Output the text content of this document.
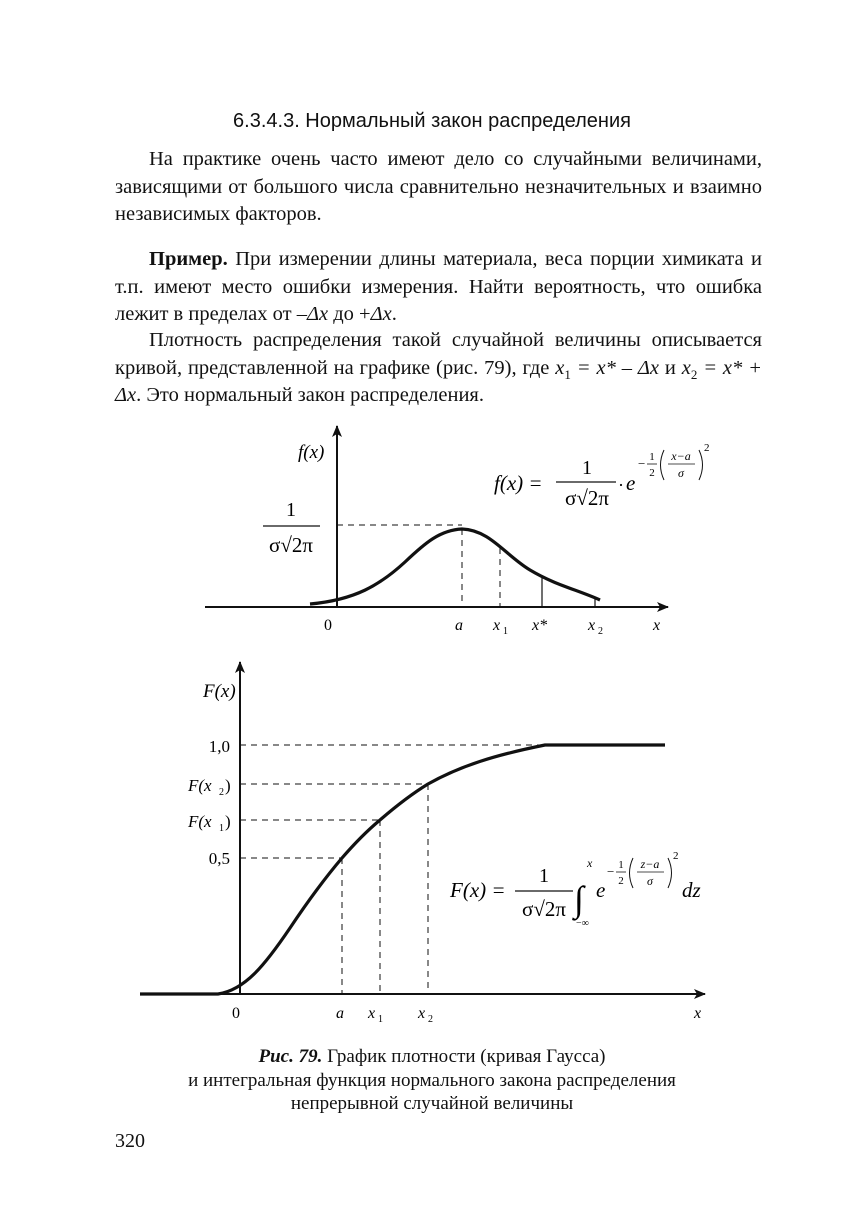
6.3.4.3. Нормальный закон распределения

На практике очень часто имеют дело со случайными величинами, зависящими от большого числа сравнительно незначительных и взаимно независимых факторов.

Пример. При измерении длины материала, веса порции химиката и т.п. имеют место ошибки измерения. Найти вероятность, что ошибка лежит в пределах от –Δx до +Δx.

Плотность распределения такой случайной величины описывается кривой, представленной на графике (рис. 79), где $x_1 = x* - \Delta x$ и $x_2 = x* + \Delta x$. Это нормальный закон распределения.

f(x)
1
σ√2π
f(x) =
1
σ√2π
· e
− 1
2
x−a
σ
2
0	a x 1 x*	x 2	x
F(x)
1,0
F(x 2 )
F(x 1 )
0,5
F(x) =
1
σ√2π ∫
x
−∞
e
− 1
2
z−a
σ
2
dz
0	a x 1 x 2	x
Рис. 79. График плотности (кривая Гаусса)
и интегральная функция нормального закона распределения
непрерывной случайной величины
320
